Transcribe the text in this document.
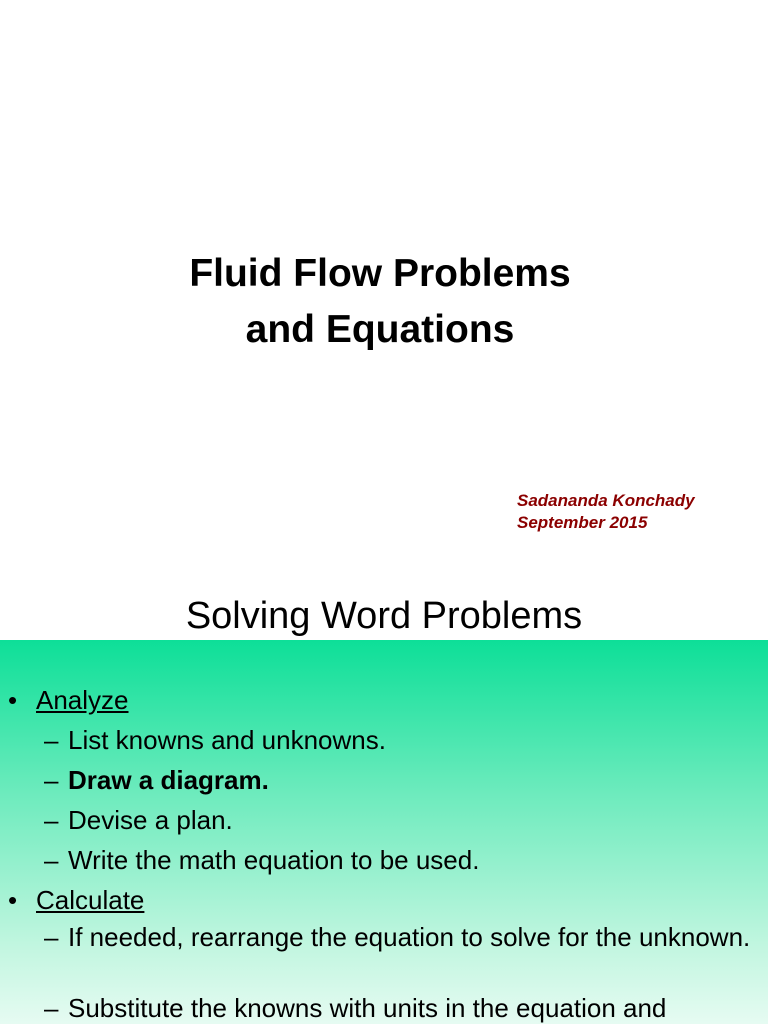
Fluid Flow Problems
and Equations
Sadananda Konchady
September 2015
Solving Word Problems
• Analyze
– List knowns and unknowns.
– Draw a diagram.
– Devise a plan.
– Write the math equation to be used.
• Calculate
– If needed, rearrange the equation to solve for the unknown.
– Substitute the knowns with units in the equation and
